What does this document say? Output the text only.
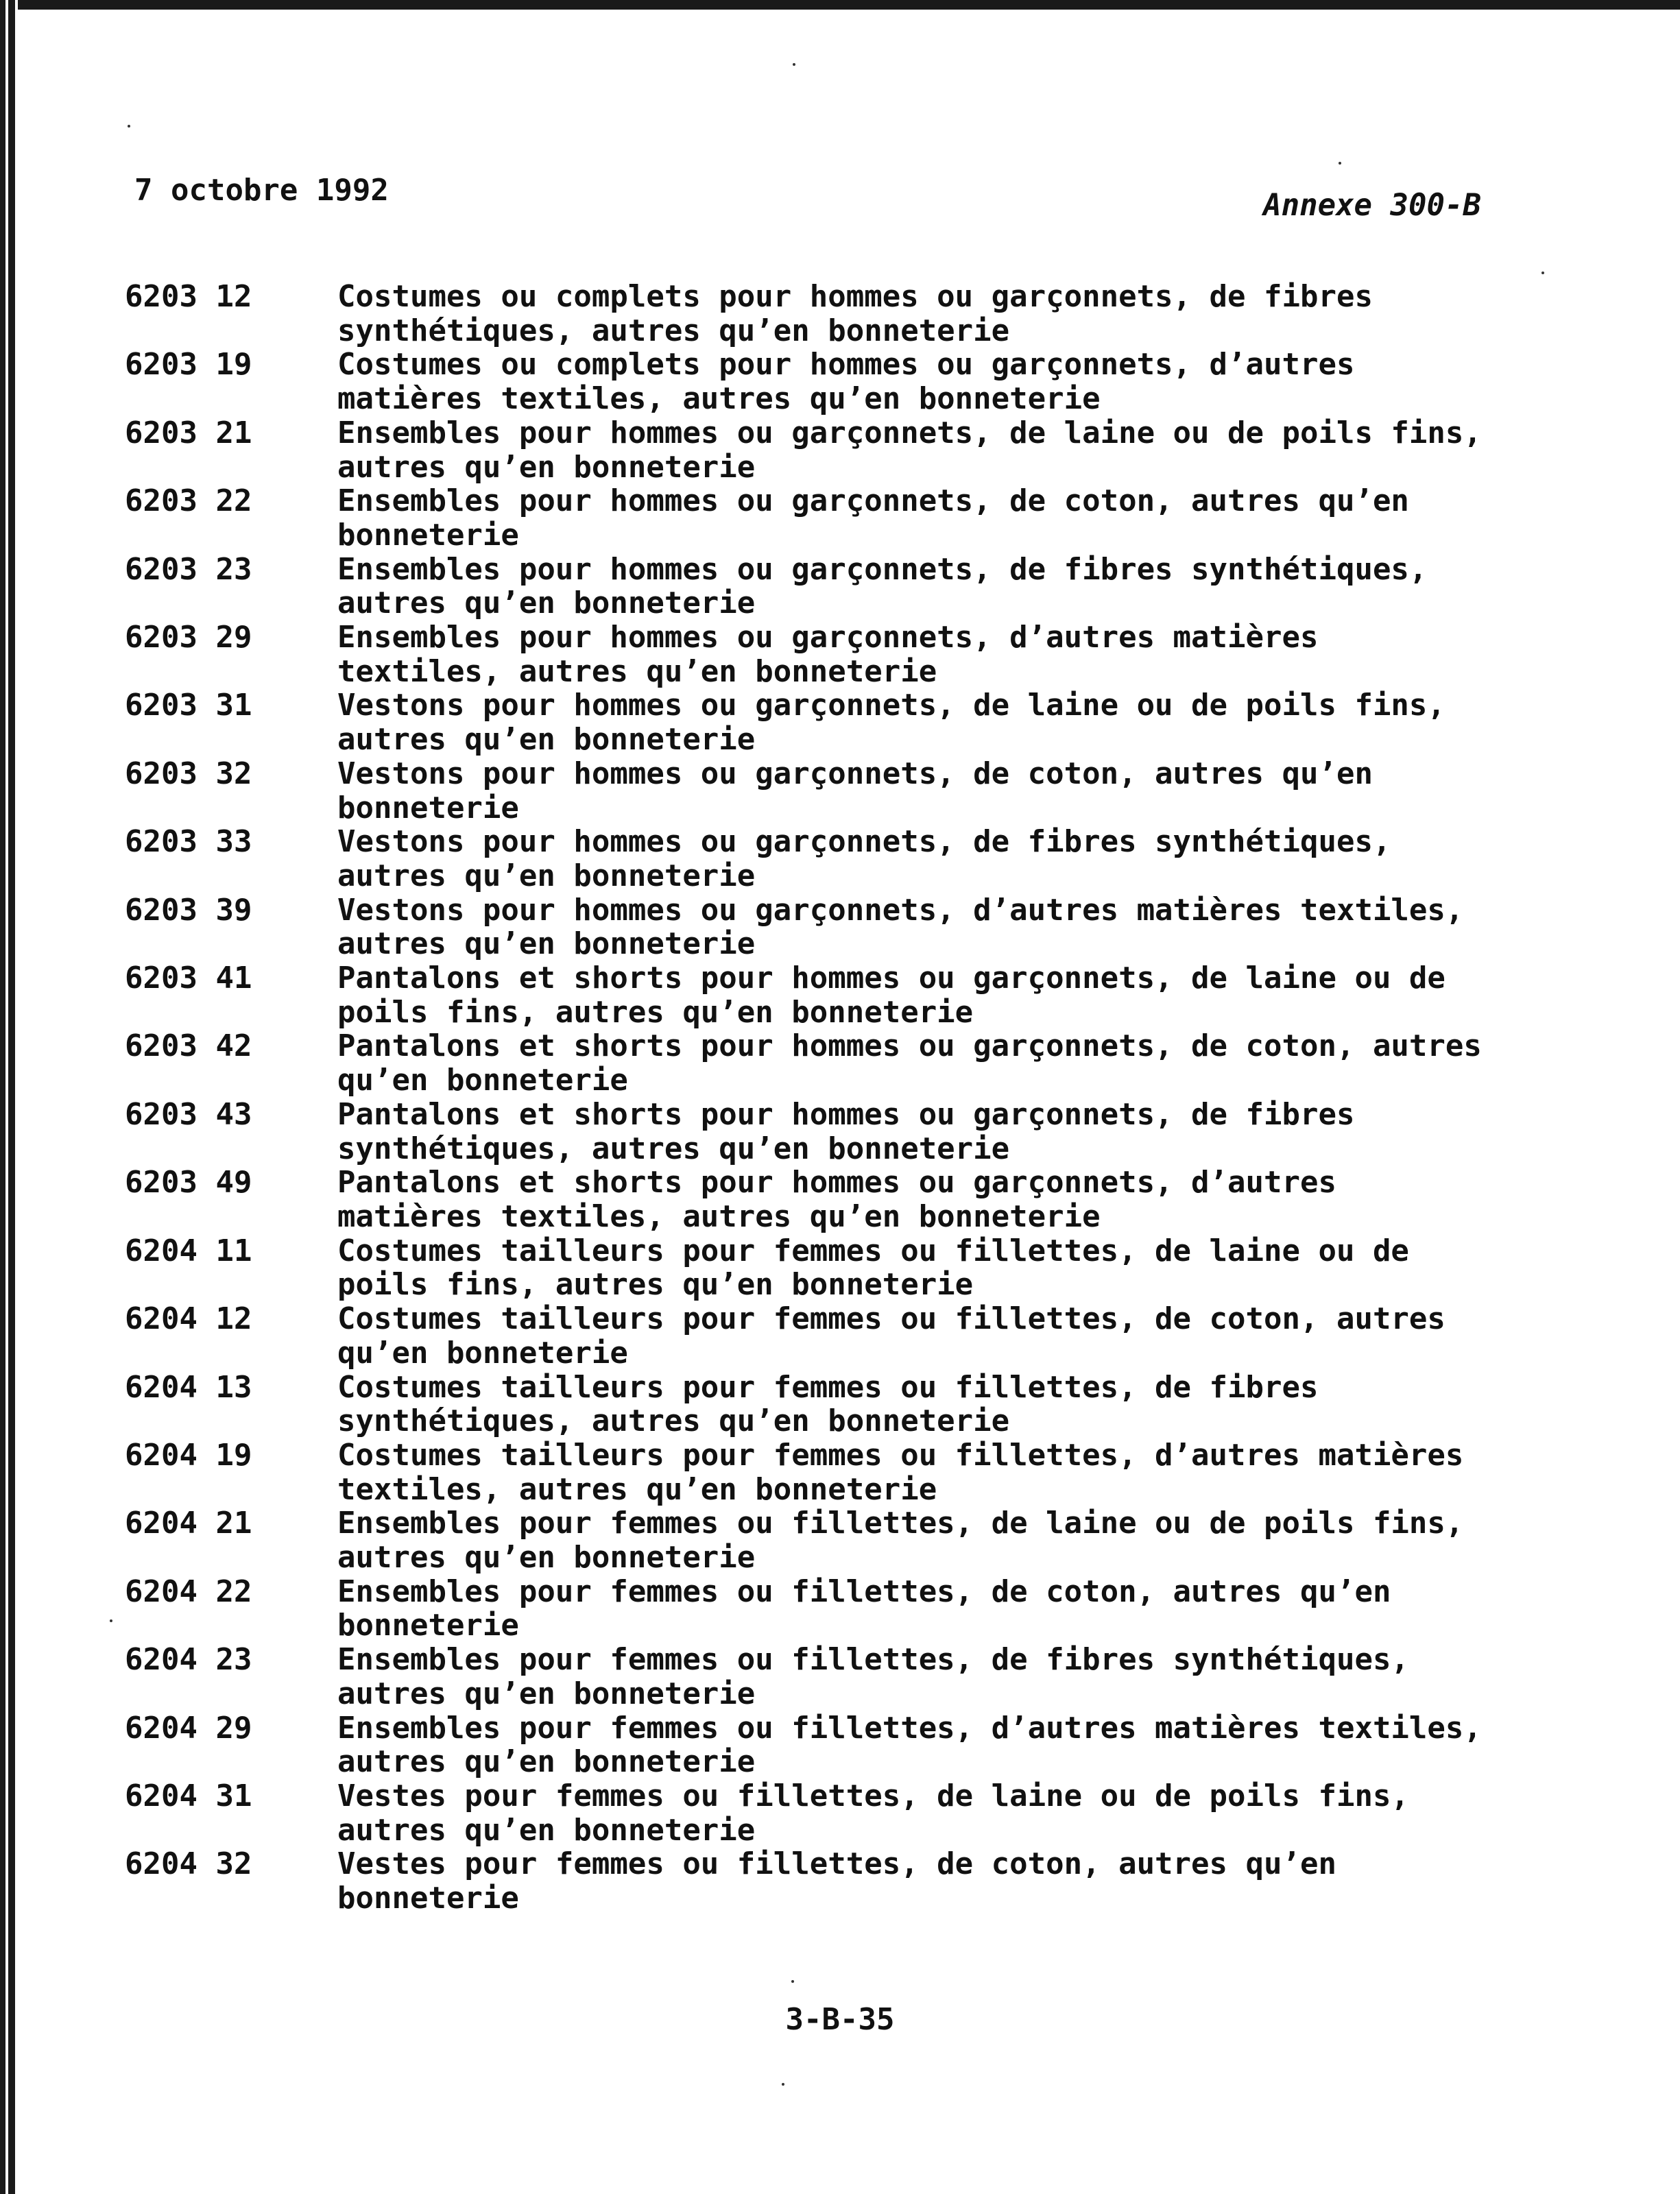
7 octobre 1992	Annexe 300-B
6203 12	Costumes ou complets pour hommes ou garçonnets, de fibres synthétiques, autres qu’en bonneterie
6203 19	Costumes ou complets pour hommes ou garçonnets, d’autres matières textiles, autres qu’en bonneterie
6203 21	Ensembles pour hommes ou garçonnets, de laine ou de poils fins, autres qu’en bonneterie
6203 22	Ensembles pour hommes ou garçonnets, de coton, autres qu’en bonneterie
6203 23	Ensembles pour hommes ou garçonnets, de fibres synthétiques, autres qu’en bonneterie
6203 29	Ensembles pour hommes ou garçonnets, d’autres matières textiles, autres qu’en bonneterie
6203 31	Vestons pour hommes ou garçonnets, de laine ou de poils fins, autres qu’en bonneterie
6203 32	Vestons pour hommes ou garçonnets, de coton, autres qu’en bonneterie
6203 33	Vestons pour hommes ou garçonnets, de fibres synthétiques, autres qu’en bonneterie
6203 39	Vestons pour hommes ou garçonnets, d’autres matières textiles, autres qu’en bonneterie
6203 41	Pantalons et shorts pour hommes ou garçonnets, de laine ou de poils fins, autres qu’en bonneterie
6203 42	Pantalons et shorts pour hommes ou garçonnets, de coton, autres qu’en bonneterie
6203 43	Pantalons et shorts pour hommes ou garçonnets, de fibres synthétiques, autres qu’en bonneterie
6203 49	Pantalons et shorts pour hommes ou garçonnets, d’autres matières textiles, autres qu’en bonneterie
6204 11	Costumes tailleurs pour femmes ou fillettes, de laine ou de poils fins, autres qu’en bonneterie
6204 12	Costumes tailleurs pour femmes ou fillettes, de coton, autres qu’en bonneterie
6204 13	Costumes tailleurs pour femmes ou fillettes, de fibres synthétiques, autres qu’en bonneterie
6204 19	Costumes tailleurs pour femmes ou fillettes, d’autres matières textiles, autres qu’en bonneterie
6204 21	Ensembles pour femmes ou fillettes, de laine ou de poils fins, autres qu’en bonneterie
6204 22	Ensembles pour femmes ou fillettes, de coton, autres qu’en bonneterie
6204 23	Ensembles pour femmes ou fillettes, de fibres synthétiques, autres qu’en bonneterie
6204 29	Ensembles pour femmes ou fillettes, d’autres matières textiles, autres qu’en bonneterie
6204 31	Vestes pour femmes ou fillettes, de laine ou de poils fins, autres qu’en bonneterie
6204 32	Vestes pour femmes ou fillettes, de coton, autres qu’en bonneterie
3-B-35
